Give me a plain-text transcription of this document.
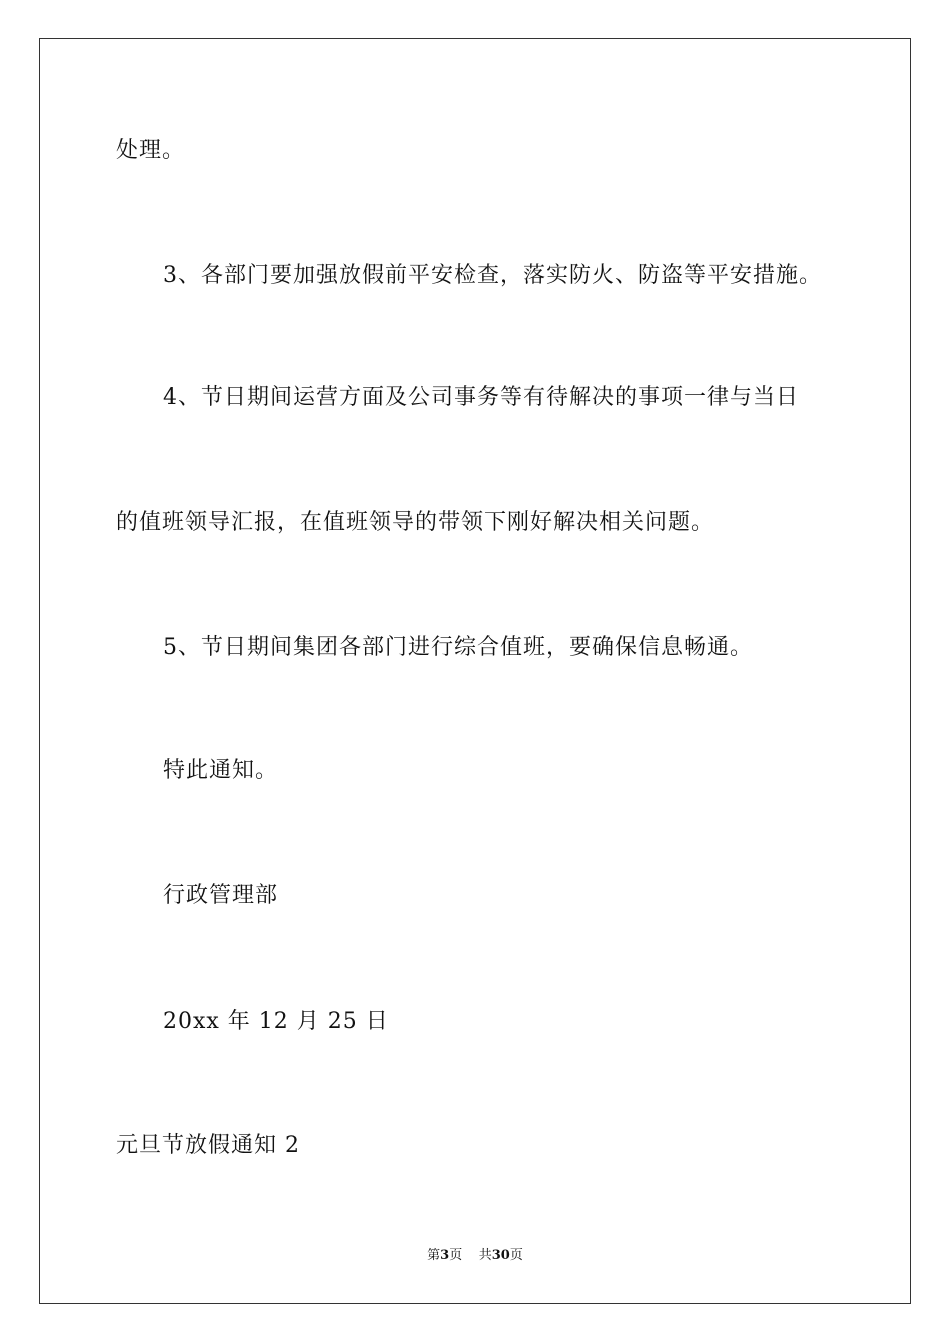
处理。
3、各部门要加强放假前平安检查，落实防火、防盗等平安措施。
4、节日期间运营方面及公司事务等有待解决的事项一律与当日
的值班领导汇报，在值班领导的带领下刚好解决相关问题。
5、节日期间集团各部门进行综合值班，要确保信息畅通。
特此通知。
行政管理部
20xx 年 12 月 25 日
元旦节放假通知 2
第3页 共30页
